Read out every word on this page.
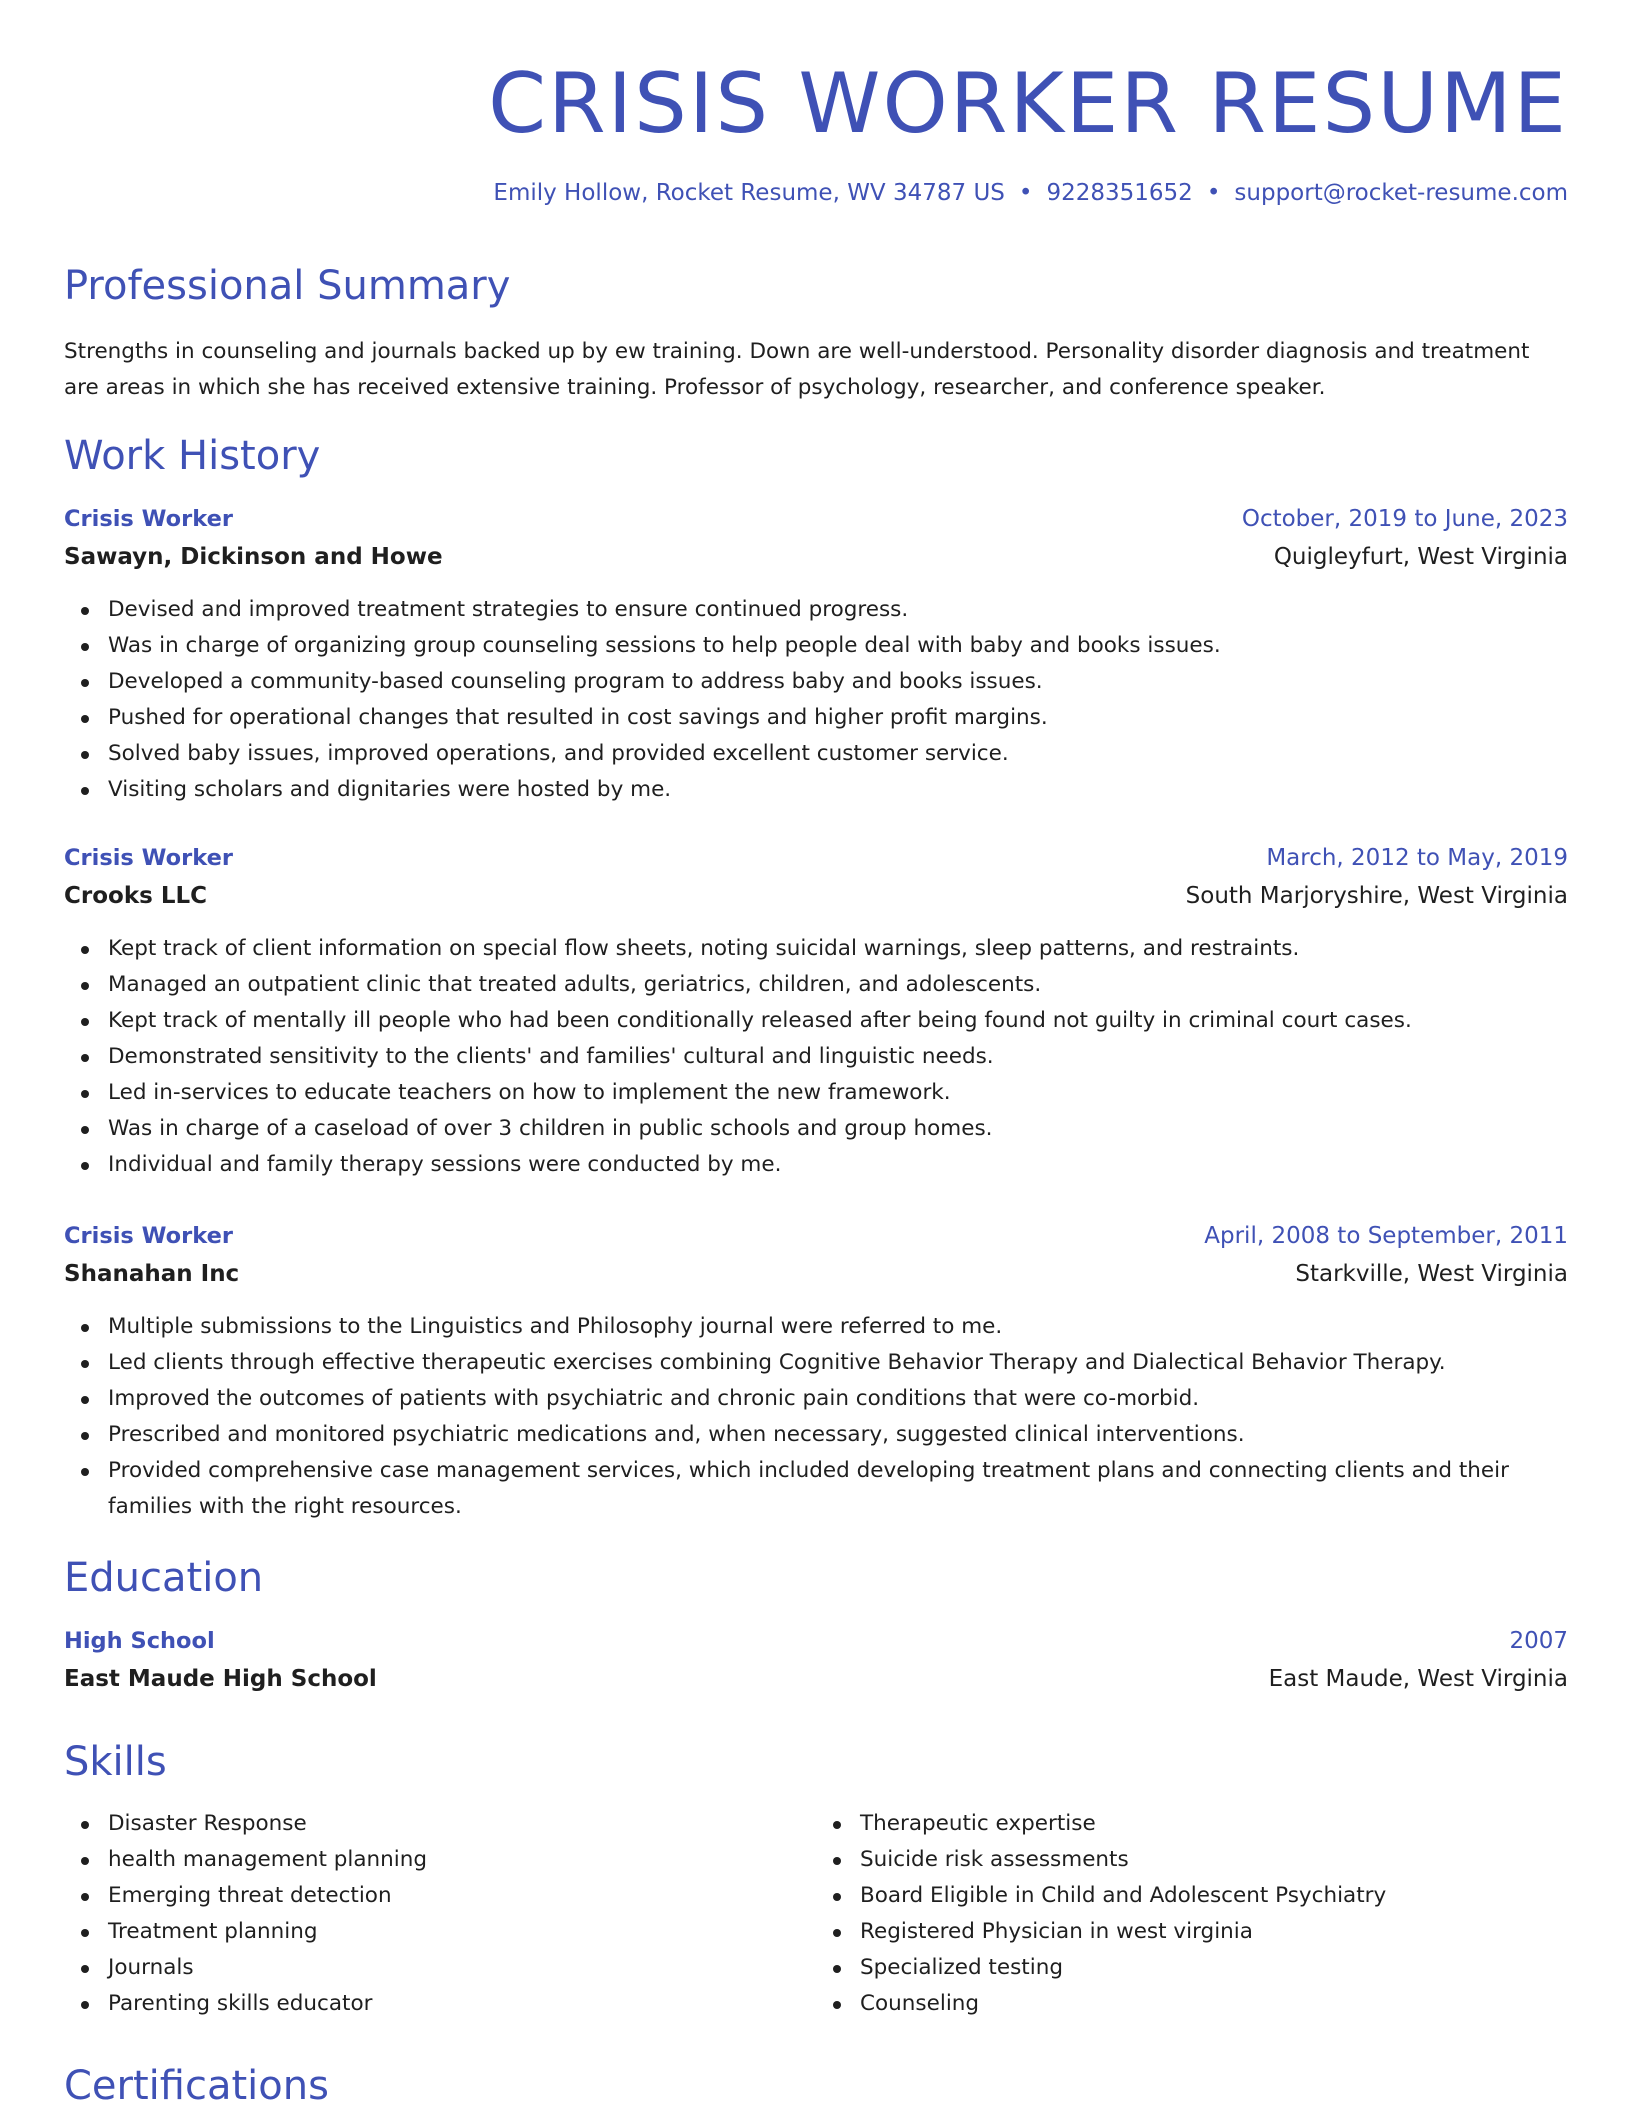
CRISIS WORKER RESUME
Emily Hollow, Rocket Resume, WV 34787 US • 9228351652 • support@rocket-resume.com
Professional Summary

Strengths in counseling and journals backed up by ew training. Down are well-understood. Personality disorder diagnosis and treatment are areas in which she has received extensive training. Professor of psychology, researcher, and conference speaker.

Work History
Crisis Worker	October, 2019 to June, 2023
Sawayn, Dickinson and Howe	Quigleyfurt, West Virginia
Devised and improved treatment strategies to ensure continued progress.
Was in charge of organizing group counseling sessions to help people deal with baby and books issues.
Developed a community-based counseling program to address baby and books issues.
Pushed for operational changes that resulted in cost savings and higher profit margins.
Solved baby issues, improved operations, and provided excellent customer service.
Visiting scholars and dignitaries were hosted by me.
Crisis Worker	March, 2012 to May, 2019
Crooks LLC	South Marjoryshire, West Virginia
Kept track of client information on special flow sheets, noting suicidal warnings, sleep patterns, and restraints.
Managed an outpatient clinic that treated adults, geriatrics, children, and adolescents.
Kept track of mentally ill people who had been conditionally released after being found not guilty in criminal court cases.
Demonstrated sensitivity to the clients' and families' cultural and linguistic needs.
Led in-services to educate teachers on how to implement the new framework.
Was in charge of a caseload of over 3 children in public schools and group homes.
Individual and family therapy sessions were conducted by me.
Crisis Worker	April, 2008 to September, 2011
Shanahan Inc	Starkville, West Virginia
Multiple submissions to the Linguistics and Philosophy journal were referred to me.
Led clients through effective therapeutic exercises combining Cognitive Behavior Therapy and Dialectical Behavior Therapy.
Improved the outcomes of patients with psychiatric and chronic pain conditions that were co-morbid.
Prescribed and monitored psychiatric medications and, when necessary, suggested clinical interventions.
Provided comprehensive case management services, which included developing treatment plans and connecting clients and their families with the right resources.
Education
High School	2007
East Maude High School	East Maude, West Virginia
Skills
Disaster Response
health management planning
Emerging threat detection
Treatment planning
Journals
Parenting skills educator
Therapeutic expertise
Suicide risk assessments
Board Eligible in Child and Adolescent Psychiatry
Registered Physician in west virginia
Specialized testing
Counseling
Certifications
